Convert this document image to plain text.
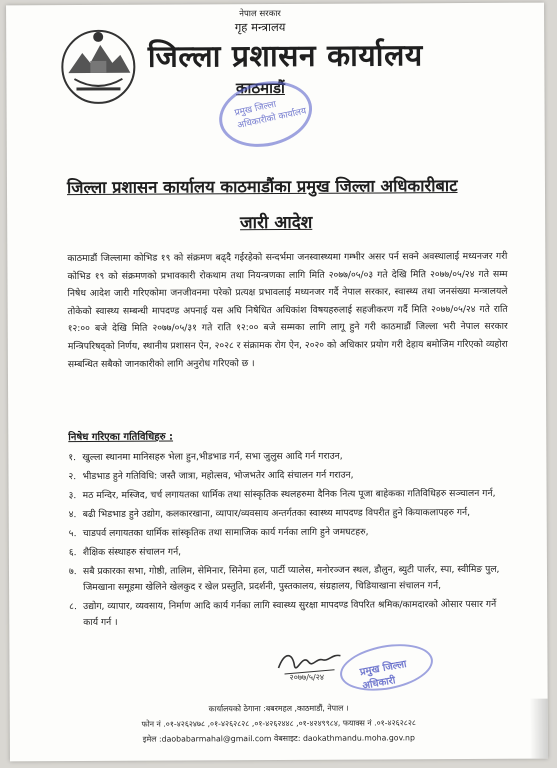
नेपाल सरकार
गृह मन्त्रालय
जिल्ला प्रशासन कार्यालय
काठमाडौं
प्रमुख जिल्ला अधिकारीको कार्यालय
जिल्ला प्रशासन कार्यालय काठमाडौंका प्रमुख जिल्ला अधिकारीबाट
जारी आदेश
काठमाडौं जिल्लामा कोभिड १९ को संक्रमण बढ्दै गईरहेको सन्दर्भमा जनस्वास्थ्यमा गम्भीर असर पर्न सक्ने अवस्थालाई मध्यनजर गरी कोभिड १९ को संक्रमणको प्रभावकारी रोकथाम तथा नियन्त्रणका लागि मिति २०७७/०५/०३ गते देखि मिति २०७७/०५/२४ गते सम्म निषेध आदेश जारी गरिएकोमा जनजीवनमा परेको प्रत्यक्ष प्रभावलाई मध्यनजर गर्दै नेपाल सरकार, स्वास्थ्य तथा जनसंख्या मन्त्रालयले तोकेको स्वास्थ्य सम्बन्धी मापदण्ड अपनाई यस अघि निषेधित अधिकांश विषयहरुलाई सहजीकरण गर्दै मिति २०७७/०५/२४ गते राति १२:०० बजे देखि मिति २०७७/०५/३१ गते राति १२:०० बजे सम्मका लागि लागू हुने गरी काठमाडौं जिल्ला भरी नेपाल सरकार मन्त्रिपरिषद्को निर्णय, स्थानीय प्रशासन ऐन, २०२८ र संक्रामक रोग ऐन, २०२० को अधिकार प्रयोग गरी देहाय बमोजिम गरिएको व्यहोरा सम्बन्धित सबैको जानकारीको लागि अनुरोध गरिएको छ ।
निषेध गरिएका गतिविधिहरु :
१. खुल्ला स्थानमा मानिसहरु भेला हुन,भीडभाड गर्न, सभा जुलुस आदि गर्न गराउन,
२. भीडभाड हुने गतिविधि: जस्तै जात्रा, महोत्सव, भोजभतेर आदि संचालन गर्न गराउन,
३. मठ मन्दिर, मस्जिद, चर्च लगायतका धार्मिक तथा सांस्कृतिक स्थलहरुमा दैनिक नित्य पूजा बाहेकका गतिविधिहरु सञ्चालन गर्न,
४. बढी भिडभाड हुने उद्योग, कलकारखाना, व्यापार/व्यवसाय अन्तर्गतका स्वास्थ्य मापदण्ड विपरीत हुने कियाकलापहरु गर्न,
५. चाडपर्व लगायतका धार्मिक सांस्कृतिक तथा सामाजिक कार्य गर्नका लागि हुने जमघटहरु,
६. शैक्षिक संस्थाहरु संचालन गर्न,
७. सबै प्रकारका सभा, गोष्ठी, तालिम, सेमिनार, सिनेमा हल, पार्टी प्यालेस, मनोरञ्जन स्थल, डौलुन, ब्युटी पार्लर, स्पा, स्वीमिङ पुल, जिमखाना समूहमा खेलिने खेलकुद र खेल प्रस्तुति, प्रदर्शनी, पुस्तकालय, संग्रहालय, चिडियाखाना संचालन गर्न,
८. उद्योग, व्यापार, व्यवसाय, निर्माण आदि कार्य गर्नका लागि स्वास्थ्य सुरक्षा मापदण्ड विपरित श्रमिक/कामदारको ओसार पसार गर्ने कार्य गर्न ।
२०७७/५/२४	प्रमुख जिल्ला अधिकारी
कार्यालयको ठेगाना :बबरमहल ,काठमाडौं, नेपाल ।
फोन नं .०१-४२६२४७८ ,०१-४२६२८२८ ,०१-४२६२४४८ ,०१-४२४९९८४, फयाक्स नं .०१-४२६२८२८
इमेल :daobabarmahal@gmail.com वेबसाइट: daokathmandu.moha.gov.np
